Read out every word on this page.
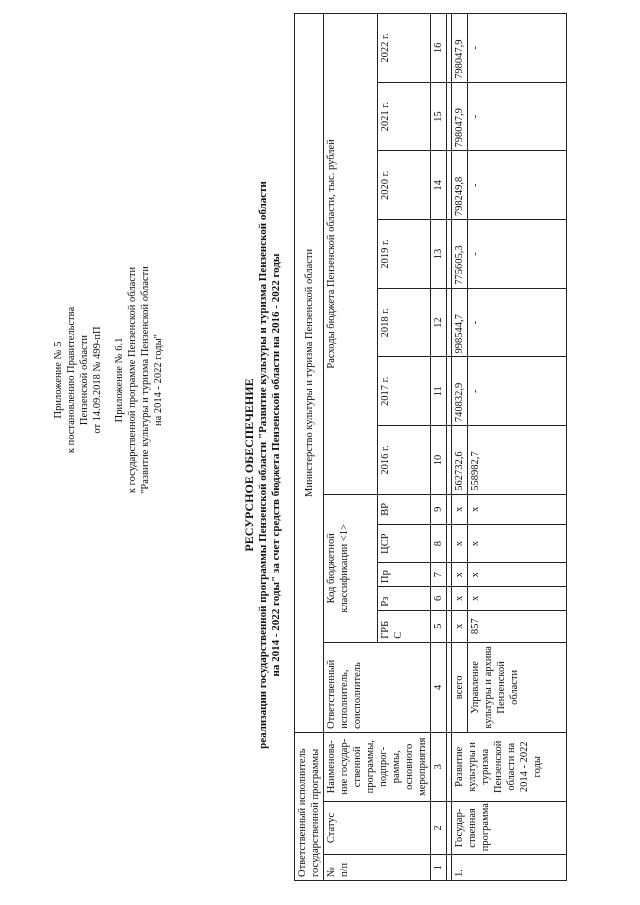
Приложение № 5 к постановлению Правительства Пензенской области от 14.09.2018 № 499-пП Приложение № 6.1 к государственной программе Пензенской области "Развитие культуры и туризма Пензенской области на 2014 - 2022 годы"	РЕСУРСНОЕ ОБЕСПЕЧЕНИЕ реализации государственной программы Пензенской области "Развитие культуры и туризма Пензенской области на 2014 - 2022 годы" за счет средств бюджета Пензенской области на 2016 - 2022 годы
Ответственный исполнитель государственной программы			Министерство культуры и туризма Пензенской области												
№ п/п	Статус	Наименова-ние государ-ственной программы, подпрог-раммы, основного мероприятия	Ответственный исполнитель, соисполнитель	Код бюджетной классификации <1>					Расходы бюджета Пензенской области, тыс. рублей						
				ГРБ С	Рз	Пр	ЦСР	ВР	2016 г.	2017 г.	2018 г.	2019 г.	2020 г.	2021 г.	2022 г.
1	2	3	4	5	6	7	8	9	10	11	12	13	14	15	16

1.	Государ-ственная программа	Развитие культуры и туризма Пензенской области на 2014 - 2022 годы	всего	х	х	х	х	х	562732,6	740832,9	998544,7	775605,3	798249,8	798047,9	798047,9
			Управление культуры и архива Пензенской области	857	х	х	х	х	558982,7	-	-	-	-	-	-
